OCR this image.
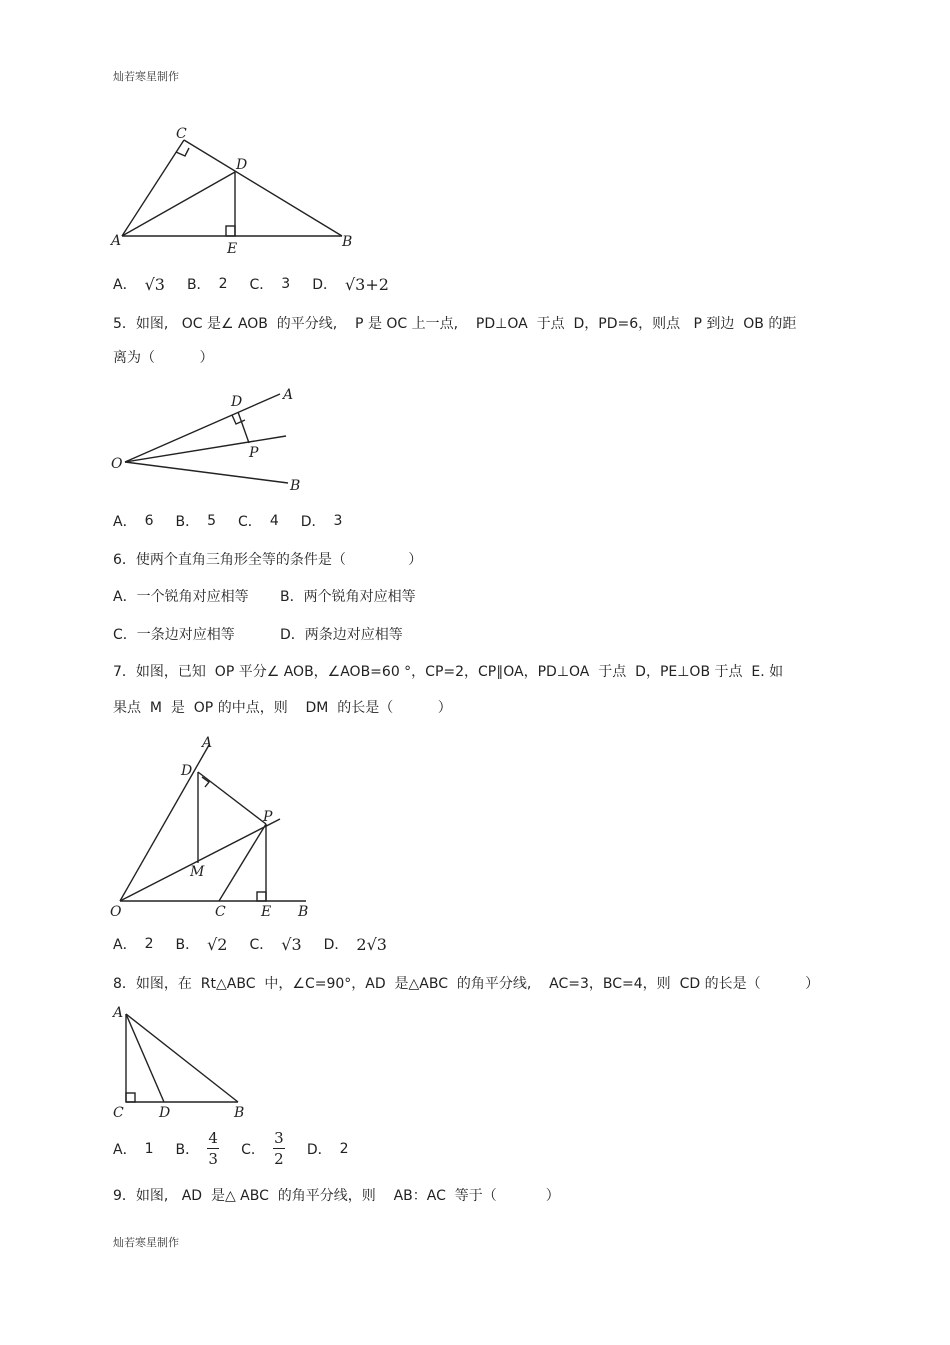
灿若寒星制作
C
D
A	E	B
A． √3 B． 2 C． 3 D． √3+2
5．如图,   OC 是∠ AOB  的平分线,    P 是 OC 上一点,    PD⊥OA  于点  D，PD=6，则点   P 到边  OB 的距
离为（          ）
D	A
O
P
B
A． 6 B． 5 C． 4 D． 3
6．使两个直角三角形全等的条件是（              ）
A．一个锐角对应相等 B．两个锐角对应相等
C．一条边对应相等	D．两条边对应相等
7．如图，已知  OP 平分∠ AOB，∠AOB=60 °，CP=2，CP∥OA，PD⊥OA  于点  D，PE⊥OB 于点  E. 如
果点  M  是  OP 的中点，则    DM  的长是（          ）
A
D
P
M
O	C	E B
A． 2 B． √2 C． √3 D． 2√3
8．如图，在  Rt△ABC  中，∠C=90°，AD  是△ABC  的角平分线,    AC=3，BC=4，则  CD 的长是（          ）
A
C	D	B
A． 1 B． $\frac{4}{3}$ C． $\frac{3}{2}$ D． 2
9．如图,   AD  是△ ABC  的角平分线，则    AB：AC  等于（           ）
灿若寒星制作
